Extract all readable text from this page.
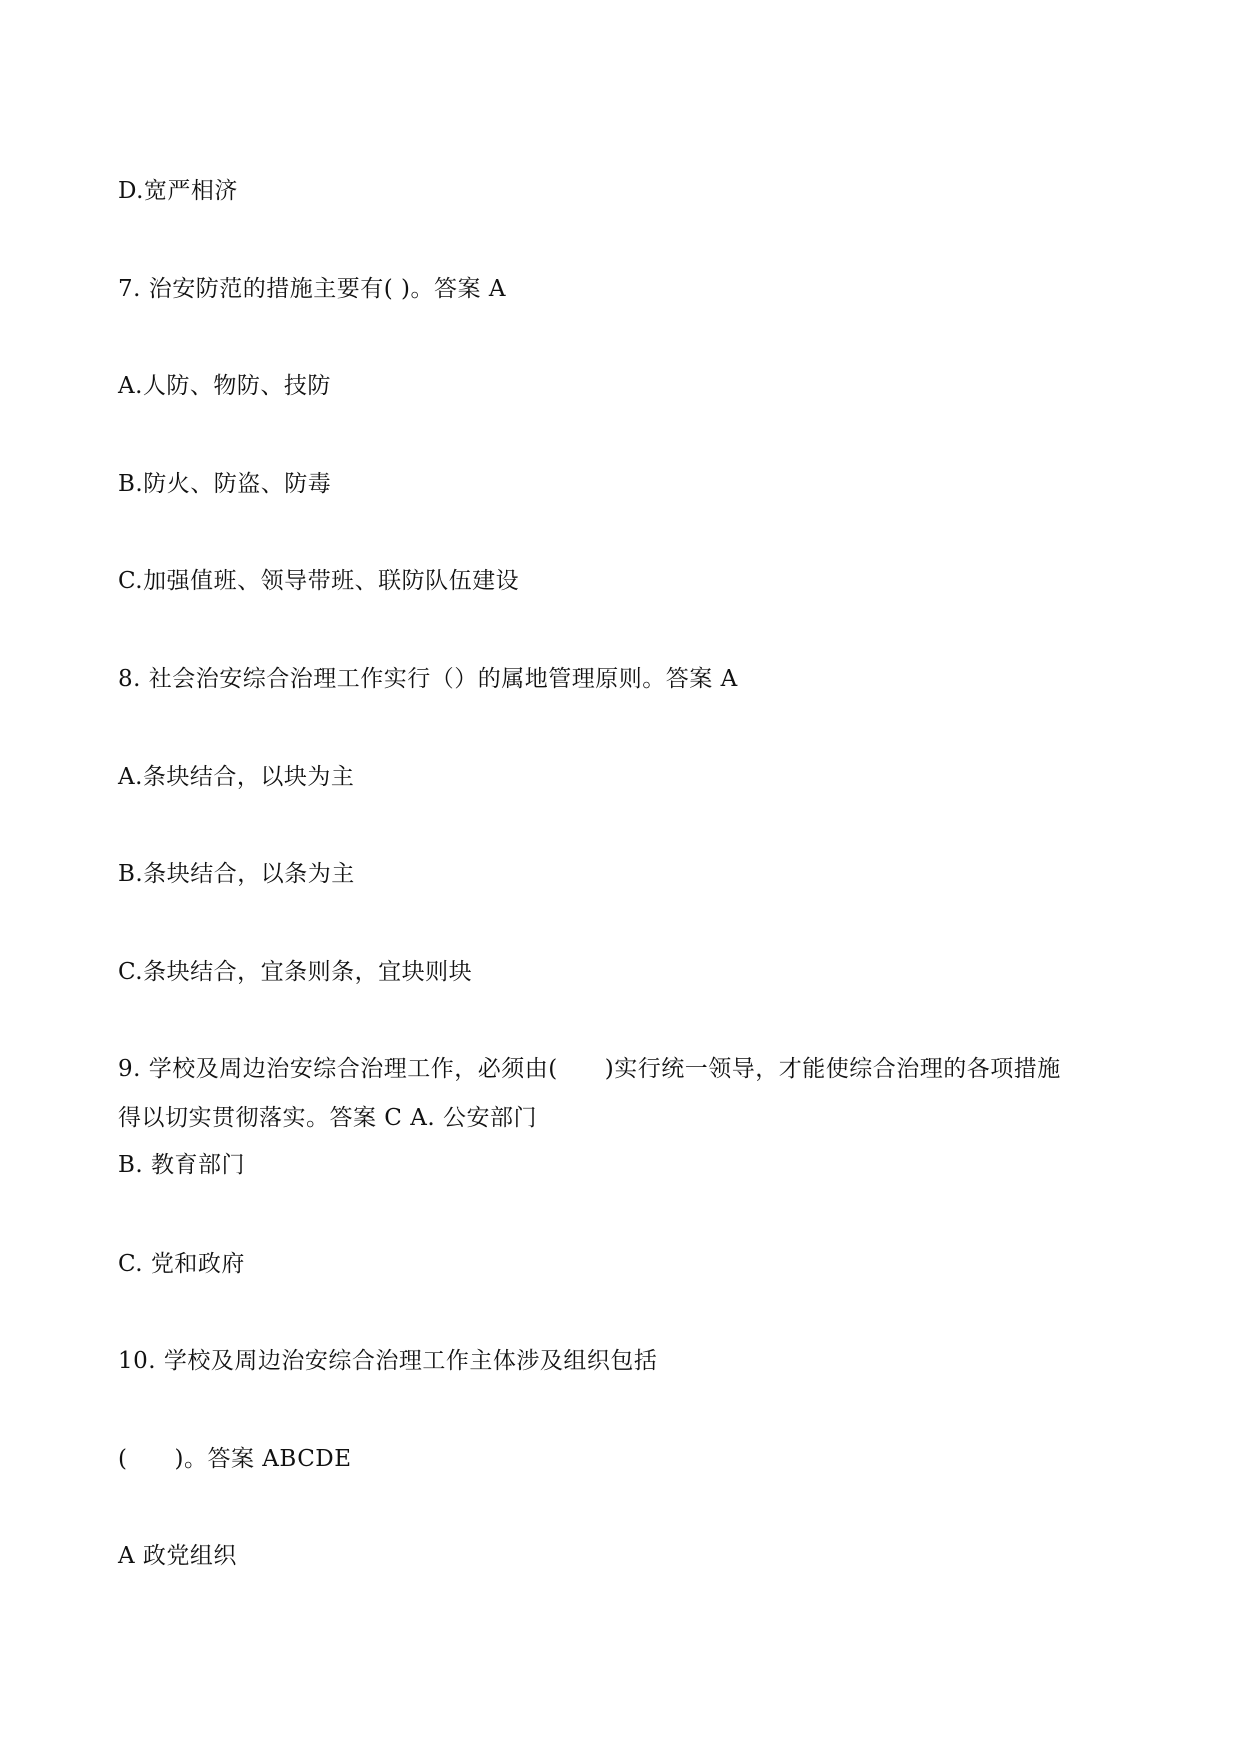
D.宽严相济
7. 治安防范的措施主要有( )。答案 A
A.人防、物防、技防
B.防火、防盗、防毒
C.加强值班、领导带班、联防队伍建设
8. 社会治安综合治理工作实行（）的属地管理原则。答案 A
A.条块结合，以块为主
B.条块结合，以条为主
C.条块结合，宜条则条，宜块则块
9. 学校及周边治安综合治理工作，必须由(　　)实行统一领导，才能使综合治理的各项措施
得以切实贯彻落实。答案 C A. 公安部门
B. 教育部门
C. 党和政府
10. 学校及周边治安综合治理工作主体涉及组织包括
(　　)。答案 ABCDE
A 政党组织
